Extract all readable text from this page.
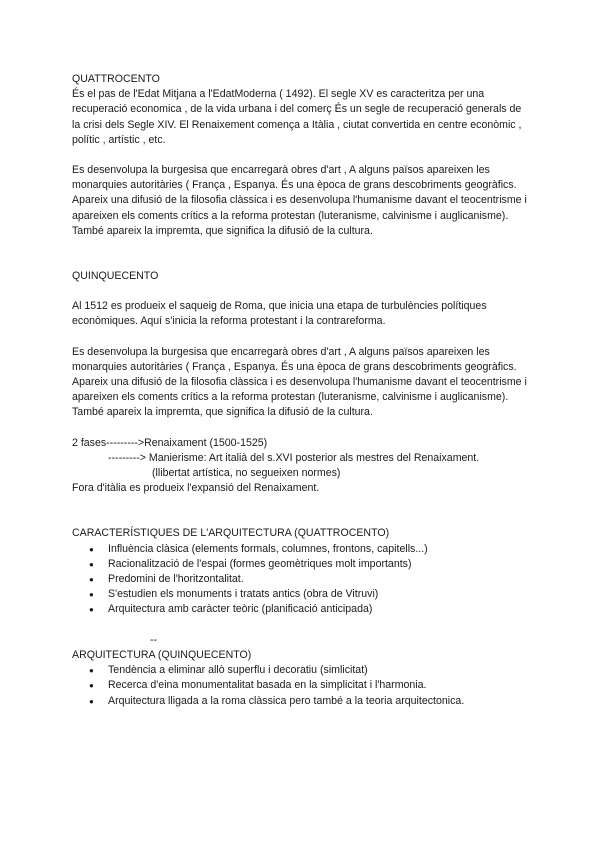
QUATTROCENTO

És el pas de l'Edat Mitjana a l'EdatModerna ( 1492). El segle XV es caracteritza per una recuperació economica , de la vida urbana i del comerç És un segle de recuperació generals de la crisi dels Segle XIV. El Renaixement comença a Itàlia , ciutat convertida en centre econòmic , polític , artístic , etc.

Es desenvolupa la burgesisa que encarregarà obres d'art , A alguns països apareixen les monarquies autoritàries ( França , Espanya. És una època de grans descobriments geogràfics. Apareix una difusió de la filosofia clàssica i es desenvolupa l'humanisme davant el teocentrisme i apareixen els coments crítics a la reforma protestan (luteranisme, calvinisme i auglicanisme). També apareix la impremta, que significa la difusió de la cultura.

QUINQUECENTO

Al 1512 es produeix el saqueig de Roma, que inicia una etapa de turbulències polítiques econòmiques. Aquí s'inicia la reforma protestant i la contrareforma.

Es desenvolupa la burgesisa que encarregarà obres d'art , A alguns països apareixen les monarquies autoritàries ( França , Espanya. És una època de grans descobriments geogràfics. Apareix una difusió de la filosofia clàssica i es desenvolupa l'humanisme davant el teocentrisme i apareixen els coments crítics a la reforma protestan (luteranisme, calvinisme i auglicanisme). També apareix la impremta, que significa la difusió de la cultura.

2 fases--------->Renaixament (1500-1525)

---------> Manierisme: Art italià del s.XVI posterior als mestres del Renaixament.

(llibertat artística, no segueixen normes)

Fora d'itàlia es produeix l'expansió del Renaixament.

CARACTERÍSTIQUES DE L'ARQUITECTURA (QUATTROCENTO)

● Influència clàsica (elements formals, columnes, frontons, capitells...)
● Racionalització de l'espai (formes geomètriques molt importants)
● Predomini de l'horitzontalitat.
● S'estudien els monuments i tratats antics (obra de Vitruvi)
● Arquitectura amb caràcter teòric (planificació anticipada)

--

ARQUITECTURA (QUINQUECENTO)

● Tendència a eliminar allò superflu i decoratiu (simlicitat)
● Recerca d'eina monumentalitat basada en la simplicitat i l'harmonia.
● Arquitectura lligada a la roma clàssica pero també a la teoria arquitectonica.
